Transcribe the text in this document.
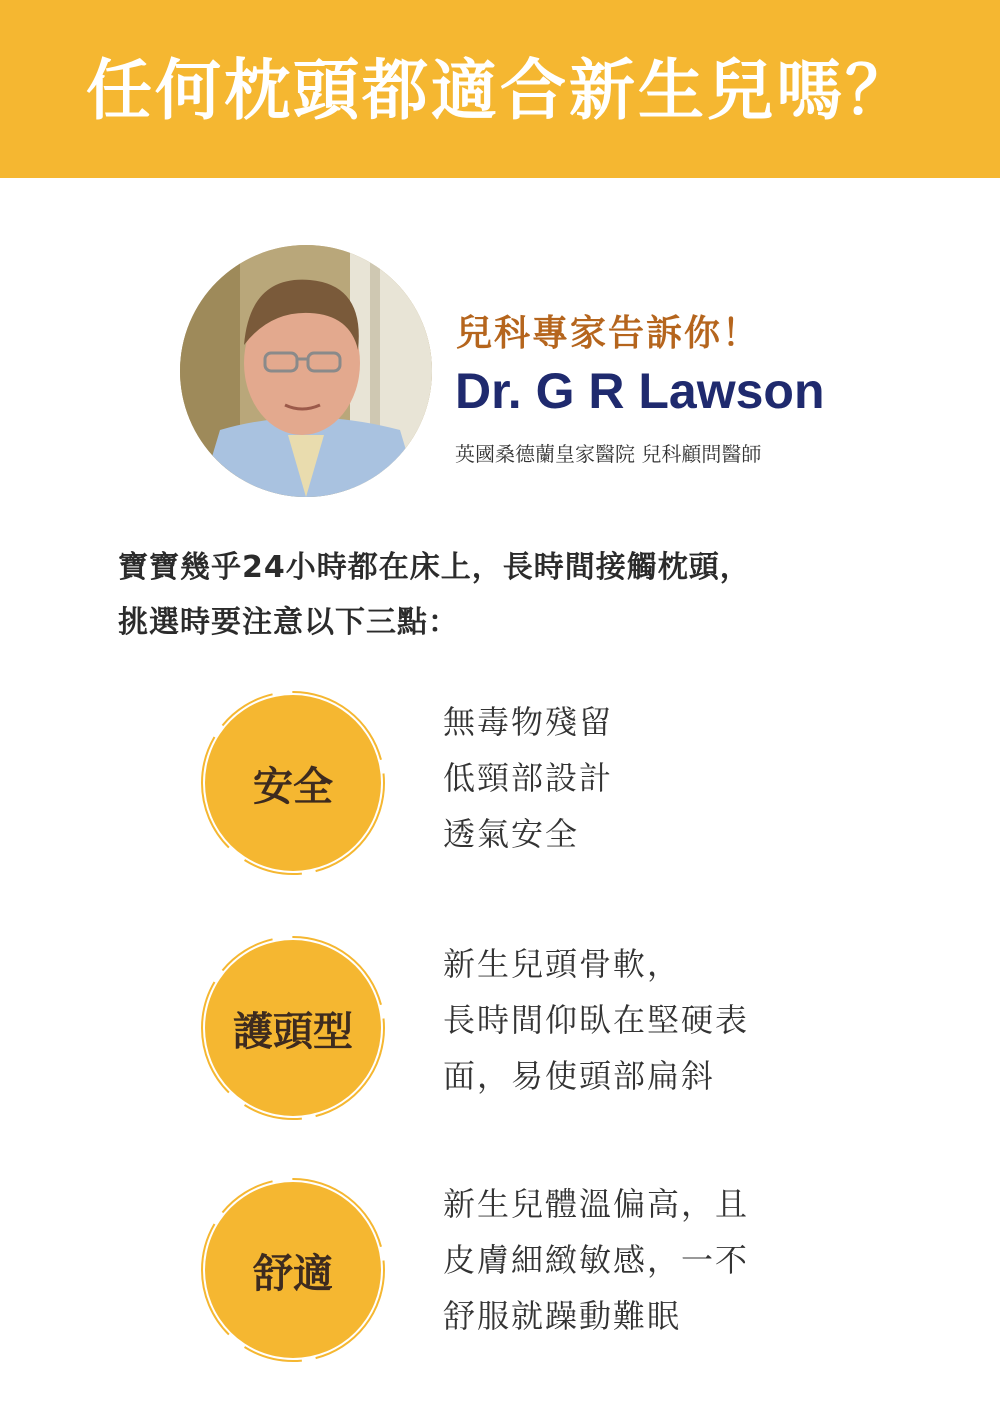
任何枕頭都適合新生兒嗎？
兒科專家告訴你！
Dr. G R Lawson
英國桑德蘭皇家醫院 兒科顧問醫師
寶寶幾乎24小時都在床上，長時間接觸枕頭，
挑選時要注意以下三點：
安全
無毒物殘留
低頸部設計
透氣安全
護頭型
新生兒頭骨軟，
長時間仰臥在堅硬表
面，易使頭部扁斜
舒適
新生兒體溫偏高，且
皮膚細緻敏感，一不
舒服就躁動難眠
